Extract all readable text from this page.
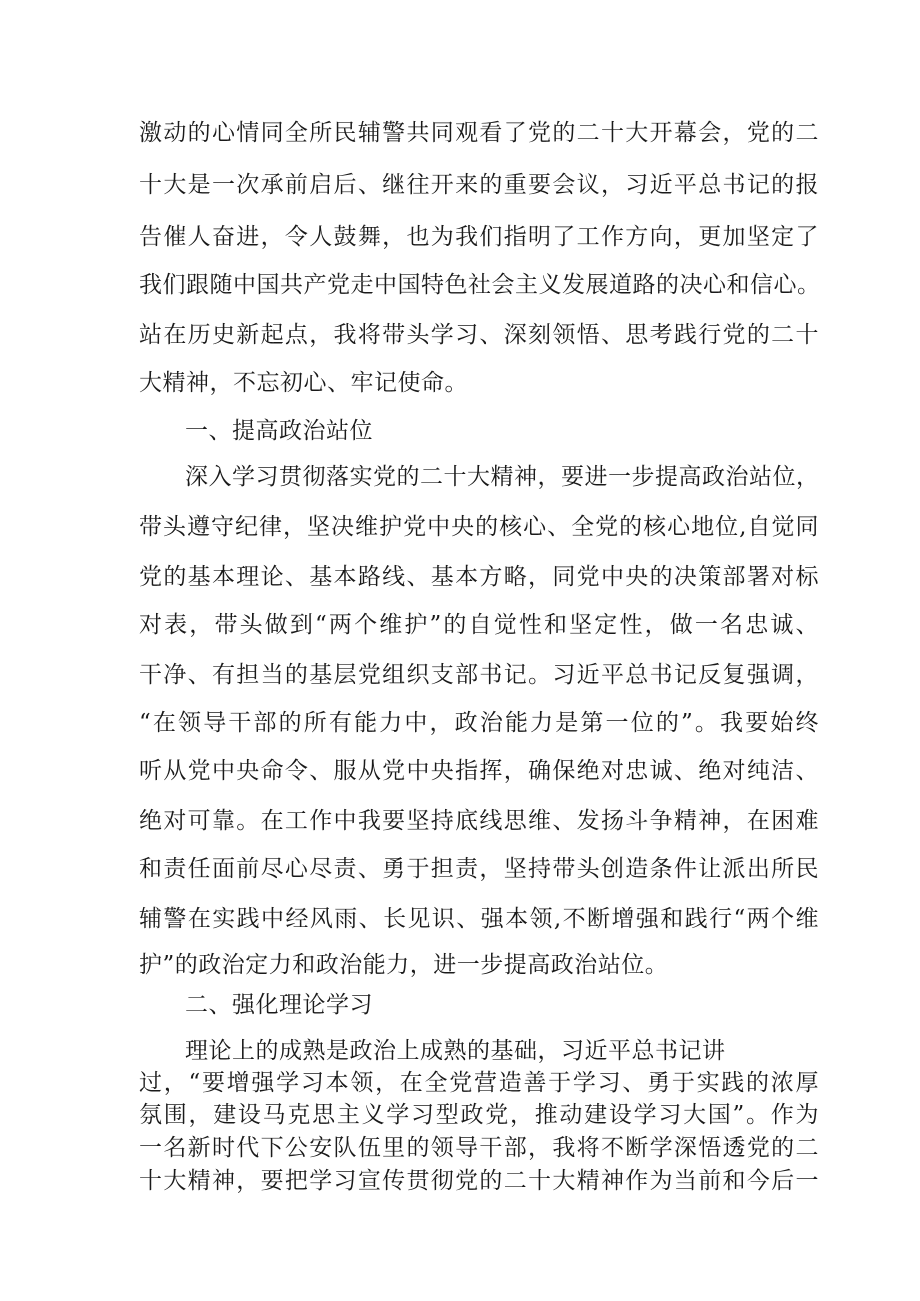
激动的心情同全所民辅警共同观看了党的二十大开幕会，党的二
十大是一次承前启后、继往开来的重要会议，习近平总书记的报
告催人奋进，令人鼓舞，也为我们指明了工作方向，更加坚定了
我们跟随中国共产党走中国特色社会主义发展道路的决心和信心。
站在历史新起点，我将带头学习、深刻领悟、思考践行党的二十
大精神，不忘初心、牢记使命。
一、提高政治站位
深入学习贯彻落实党的二十大精神，要进一步提高政治站位，
带头遵守纪律，坚决维护党中央的核心、全党的核心地位,自觉同
党的基本理论、基本路线、基本方略，同党中央的决策部署对标
对表，带头做到“两个维护”的自觉性和坚定性，做一名忠诚、
干净、有担当的基层党组织支部书记。习近平总书记反复强调，
“在领导干部的所有能力中，政治能力是第一位的”。我要始终
听从党中央命令、服从党中央指挥，确保绝对忠诚、绝对纯洁、
绝对可靠。在工作中我要坚持底线思维、发扬斗争精神，在困难
和责任面前尽心尽责、勇于担责，坚持带头创造条件让派出所民
辅警在实践中经风雨、长见识、强本领,不断增强和践行“两个维
护”的政治定力和政治能力，进一步提高政治站位。
二、强化理论学习
理论上的成熟是政治上成熟的基础，习近平总书记讲
过，“要增强学习本领，在全党营造善于学习、勇于实践的浓厚
氛围，建设马克思主义学习型政党，推动建设学习大国”。作为
一名新时代下公安队伍里的领导干部，我将不断学深悟透党的二
十大精神，要把学习宣传贯彻党的二十大精神作为当前和今后一
